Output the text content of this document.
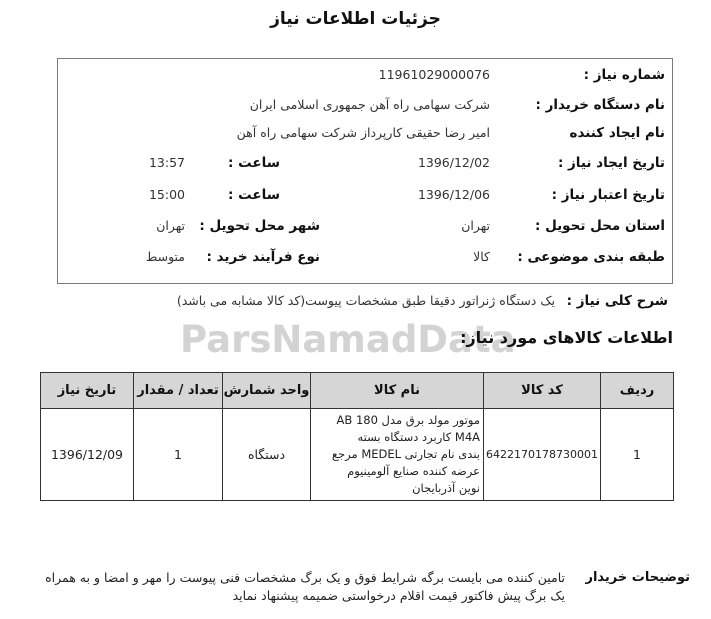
ParsNamadData
جزئیات اطلاعات نیاز
شماره نیاز :
11961029000076
نام دستگاه خریدار :
شرکت سهامی راه آهن جمهوری اسلامی ایران
نام ایجاد کننده
امیر رضا حقیقی کارپرداز شرکت سهامی راه آهن
تاریخ ایجاد نیاز :
1396/12/02
ساعت :
13:57
تاریخ اعتبار نیاز :
1396/12/06
ساعت :
15:00
استان محل تحویل :
تهران
شهر محل تحویل :
تهران
طبقه بندی موضوعی :
کالا
نوع فرآیند خرید :
متوسط
شرح کلی نیاز :
یک دستگاه ژنراتور دقیقا طبق مشخصات پیوست(کد کالا مشابه می باشد)
اطلاعات کالاهای مورد نیاز:
ردیف	کد کالا	نام کالا	واحد شمارش	تعداد / مقدار	تاریخ نیاز
1	6422170178730001	موتور مولد برق مدل AB 180
M4A کاربرد دستگاه بسته
بندی نام تجارتی MEDEL مرجع
عرضه کننده صنایع آلومینیوم
نوین آذربایجان	دستگاه	1	1396/12/09
توضیحات خریدار
تامین کننده می بایست برگه شرایط فوق و یک برگ مشخصات فنی پیوست را مهر و امضا و به همراه یک برگ پیش فاکتور قیمت اقلام درخواستی ضمیمه پیشنهاد نماید
